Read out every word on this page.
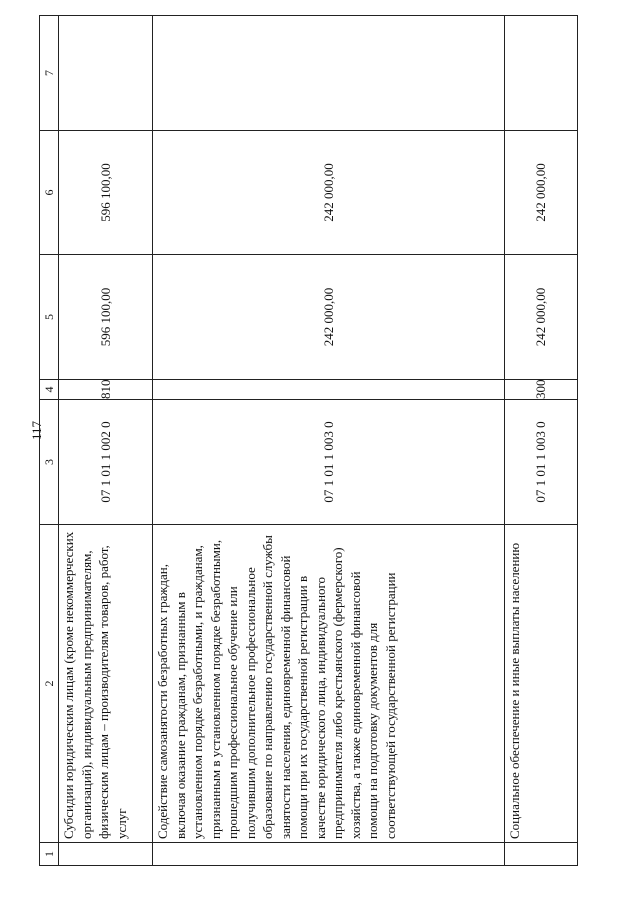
117
1	2	3	4	5	6	7
	Субсидии юридическим лицам (кроме некоммерческих организаций), индивидуальным предпринимателям, физическим лицам – производителям товаров, работ, услуг	07 1 01 1 002 0	810	596 100,00	596 100,00	
	Содействие самозанятости безработных граждан, включая оказание гражданам, признанным в установленном порядке безработными, и гражданам, признанным в установленном порядке безработными, прошедшим профессиональное обучение или получившим дополнительное профессиональное образование по направлению государственной службы занятости населения, единовременной финансовой помощи при их государственной регистрации в качестве юридического лица, индивидуального предпринимателя либо крестьянского (фермерского) хозяйства, а также единовременной финансовой помощи на подготовку документов для соответствующей государственной регистрации	07 1 01 1 003 0		242 000,00	242 000,00	
	Социальное обеспечение и иные выплаты населению	07 1 01 1 003 0	300	242 000,00	242 000,00	
